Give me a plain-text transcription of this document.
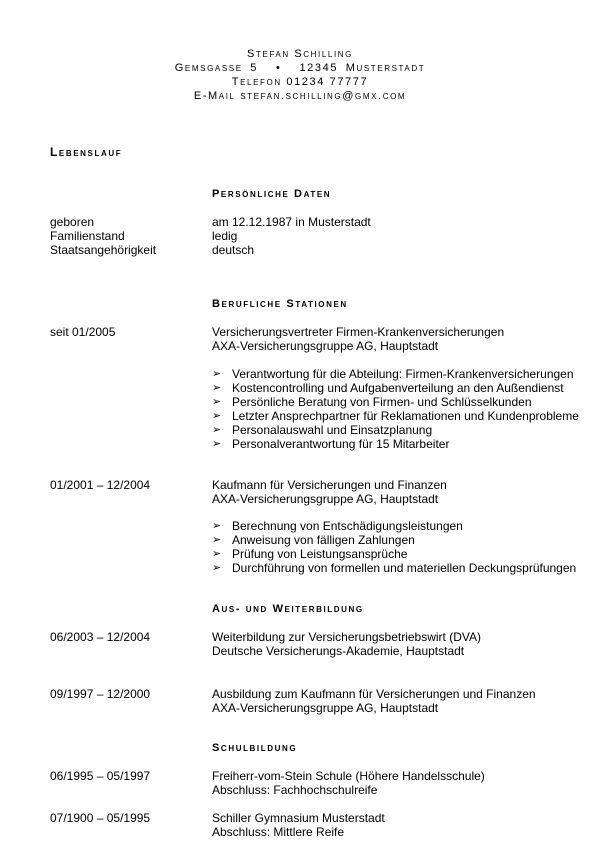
Stefan Schilling
Gemsgasse 5 • 12345 Musterstadt
Telefon 01234 77777
E-Mail stefan.schilling@gmx.com
Lebenslauf
Persönliche Daten
geboren	am 12.12.1987 in Musterstadt
Familienstand	ledig
Staatsangehörigkeit	deutsch
Berufliche Stationen
seit 01/2005	Versicherungsvertreter Firmen-Krankenversicherungen
AXA-Versicherungsgruppe AG, Hauptstadt
➢ Verantwortung für die Abteilung: Firmen-Krankenversicherungen
➢ Kostencontrolling und Aufgabenverteilung an den Außendienst
➢ Persönliche Beratung von Firmen- und Schlüsselkunden
➢ Letzter Ansprechpartner für Reklamationen und Kundenprobleme
➢ Personalauswahl und Einsatzplanung
➢ Personalverantwortung für 15 Mitarbeiter
01/2001 – 12/2004	Kaufmann für Versicherungen und Finanzen
AXA-Versicherungsgruppe AG, Hauptstadt
➢ Berechnung von Entschädigungsleistungen
➢ Anweisung von fälligen Zahlungen
➢ Prüfung von Leistungsansprüche
➢ Durchführung von formellen und materiellen Deckungsprüfungen
Aus- und Weiterbildung
06/2003 – 12/2004	Weiterbildung zur Versicherungsbetriebswirt (DVA)
Deutsche Versicherungs-Akademie, Hauptstadt
09/1997 – 12/2000	Ausbildung zum Kaufmann für Versicherungen und Finanzen
AXA-Versicherungsgruppe AG, Hauptstadt
Schulbildung
06/1995 – 05/1997	Freiherr-vom-Stein Schule (Höhere Handelsschule)
Abschluss: Fachhochschulreife
07/1900 – 05/1995	Schiller Gymnasium Musterstadt
Abschluss: Mittlere Reife
